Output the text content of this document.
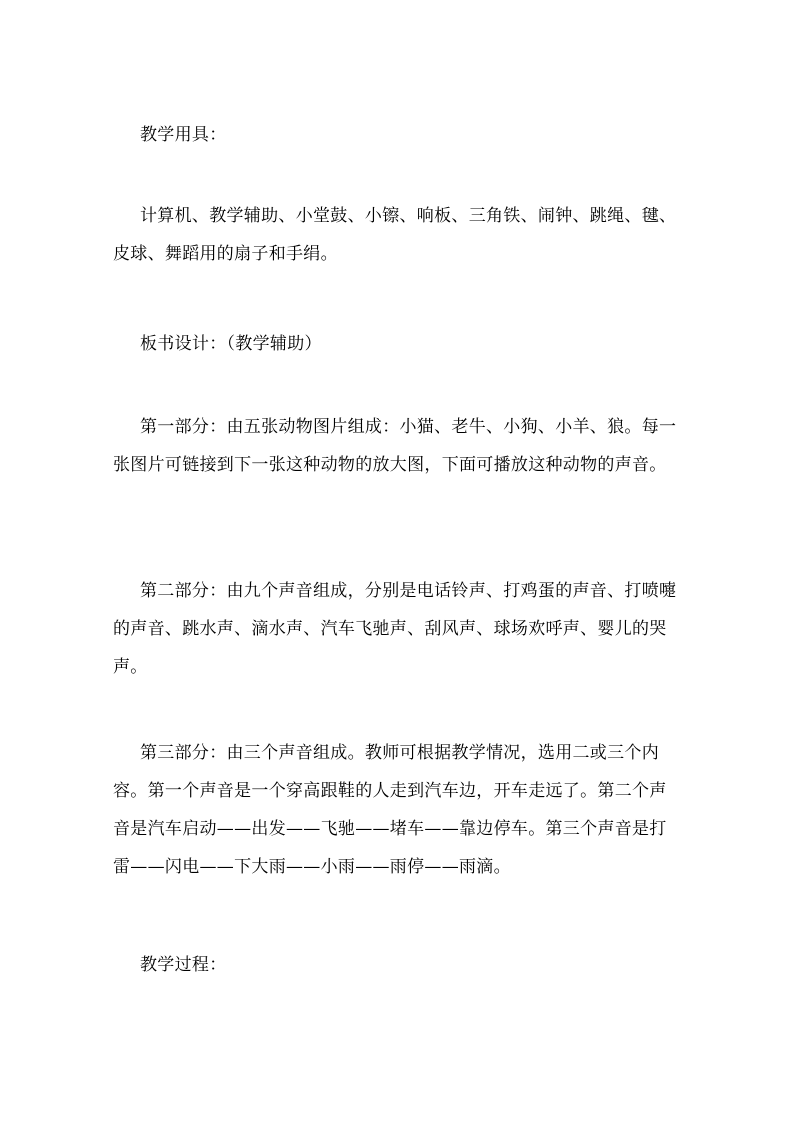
教学用具：

计算机、教学辅助、小堂鼓、小镲、响板、三角铁、闹钟、跳绳、毽、皮球、舞蹈用的扇子和手绢。

板书设计：（教学辅助）

第一部分：由五张动物图片组成：小猫、老牛、小狗、小羊、狼。每一张图片可链接到下一张这种动物的放大图，下面可播放这种动物的声音。

第二部分：由九个声音组成，分别是电话铃声、打鸡蛋的声音、打喷嚏的声音、跳水声、滴水声、汽车飞驰声、刮风声、球场欢呼声、婴儿的哭声。

第三部分：由三个声音组成。教师可根据教学情况，选用二或三个内容。第一个声音是一个穿高跟鞋的人走到汽车边，开车走远了。第二个声音是汽车启动——出发——飞驰——堵车——靠边停车。第三个声音是打雷——闪电——下大雨——小雨——雨停——雨滴。

教学过程：
